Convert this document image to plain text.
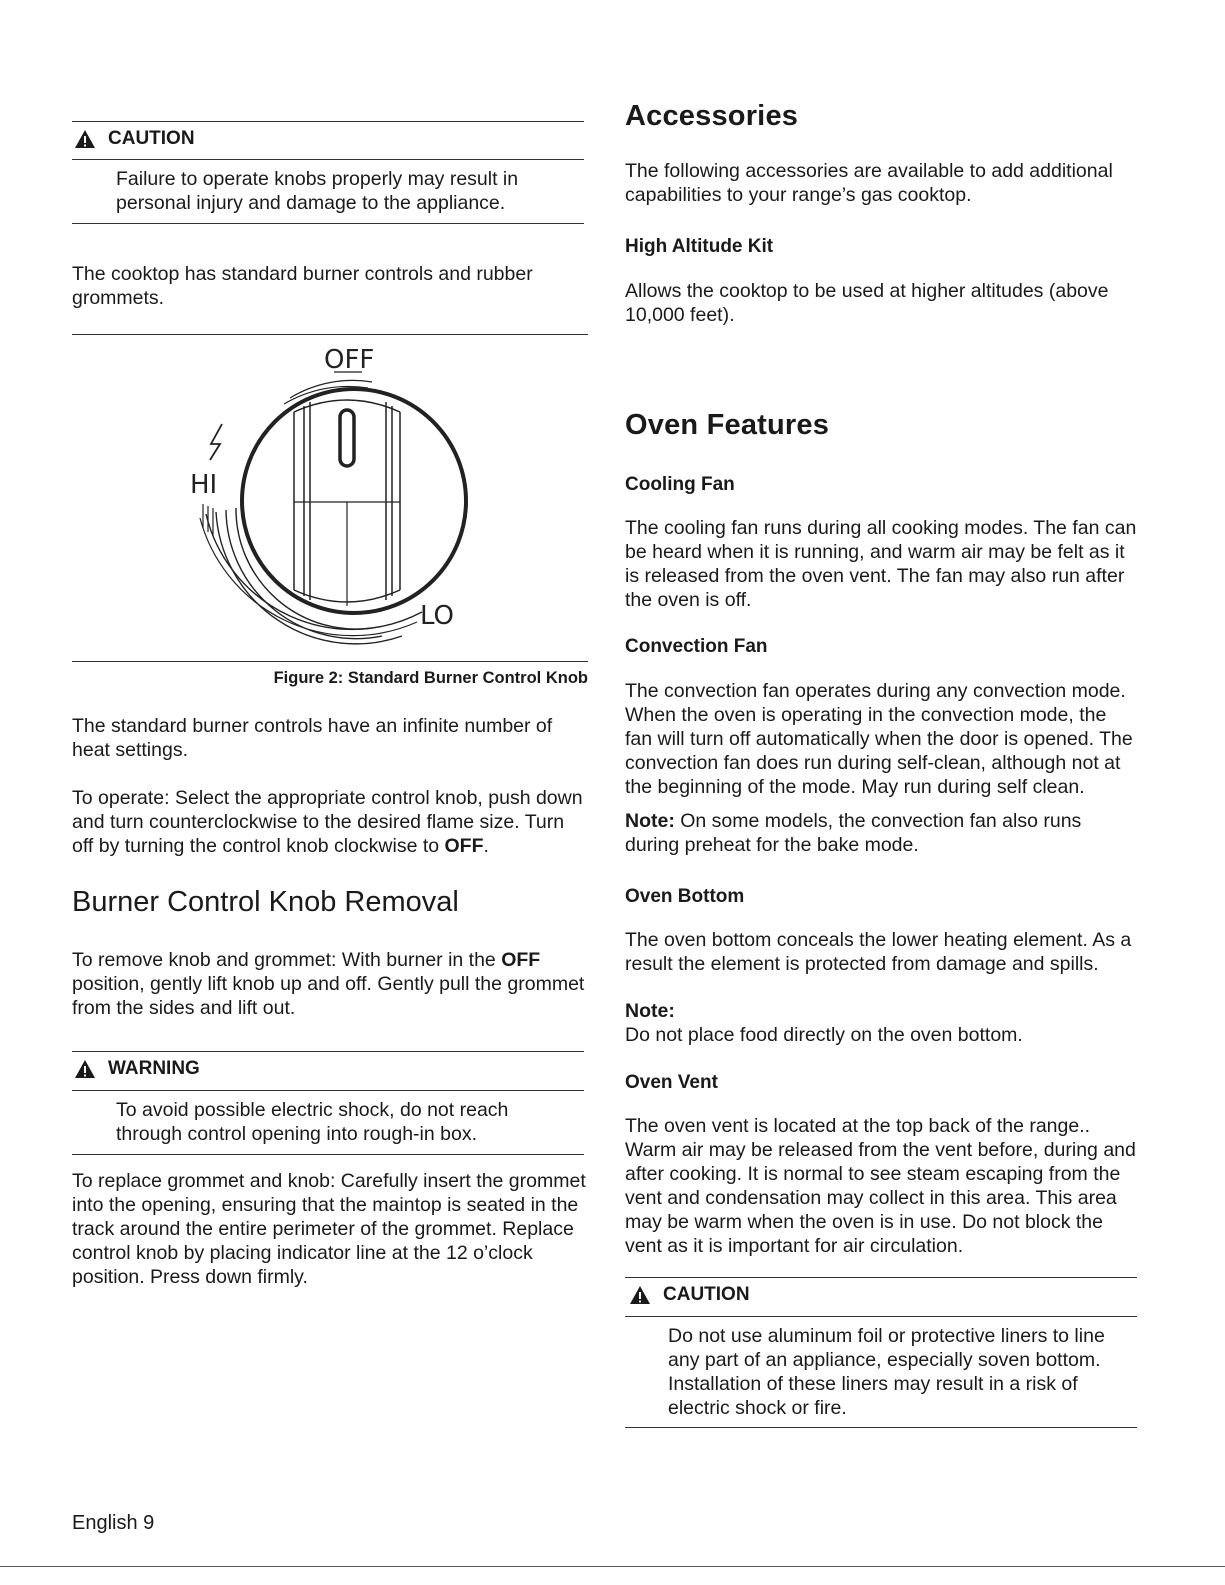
CAUTION
Failure to operate knobs properly may result in personal injury and damage to the appliance.

The cooktop has standard burner controls and rubber grommets.

OFF
HI
LO
Figure 2: Standard Burner Control Knob

The standard burner controls have an infinite number of heat settings.

To operate: Select the appropriate control knob, push down and turn counterclockwise to the desired flame size. Turn off by turning the control knob clockwise to OFF.

Burner Control Knob Removal

To remove knob and grommet: With burner in the OFF position, gently lift knob up and off. Gently pull the grommet from the sides and lift out.

WARNING
To avoid possible electric shock, do not reach through control opening into rough-in box.

To replace grommet and knob: Carefully insert the grommet into the opening, ensuring that the maintop is seated in the track around the entire perimeter of the grommet. Replace control knob by placing indicator line at the 12 o’clock position. Press down firmly.

English 9
Accessories

The following accessories are available to add additional capabilities to your range’s gas cooktop.

High Altitude Kit

Allows the cooktop to be used at higher altitudes (above 10,000 feet).

Oven Features
Cooling Fan

The cooling fan runs during all cooking modes. The fan can be heard when it is running, and warm air may be felt as it is released from the oven vent. The fan may also run after the oven is off.

Convection Fan

The convection fan operates during any convection mode. When the oven is operating in the convection mode, the fan will turn off automatically when the door is opened. The convection fan does run during self-clean, although not at the beginning of the mode. May run during self clean.

Note: On some models, the convection fan also runs during preheat for the bake mode.

Oven Bottom

The oven bottom conceals the lower heating element. As a result the element is protected from damage and spills.

Note:
Do not place food directly on the oven bottom.

Oven Vent

The oven vent is located at the top back of the range.. Warm air may be released from the vent before, during and after cooking. It is normal to see steam escaping from the vent and condensation may collect in this area. This area may be warm when the oven is in use. Do not block the vent as it is important for air circulation.

CAUTION
Do not use aluminum foil or protective liners to line any part of an appliance, especially soven bottom. Installation of these liners may result in a risk of electric shock or fire.
